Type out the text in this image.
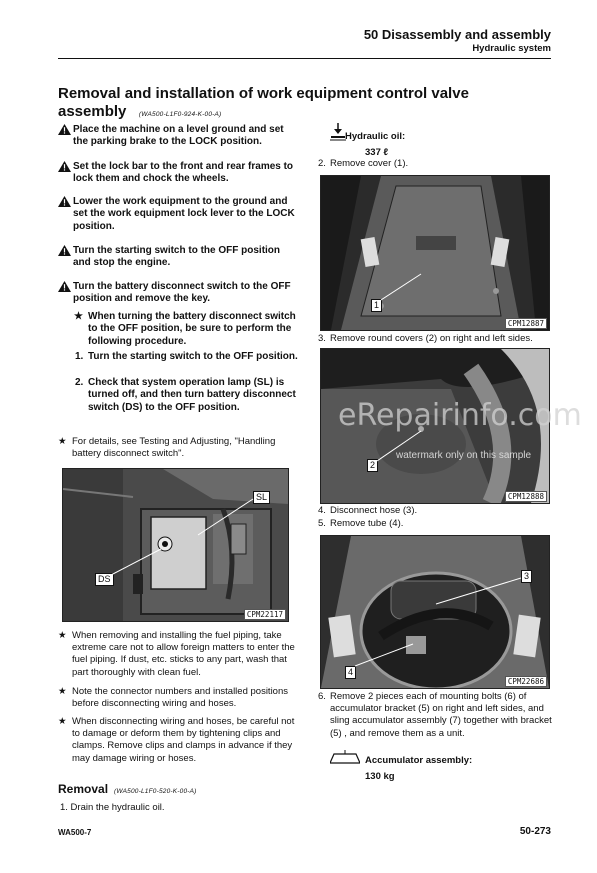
50 Disassembly and assembly
Hydraulic system
Removal and installation of work equipment control valve
assembly (WA500-L1F0-924-K-00-A)
Place the machine on a level ground and set the parking brake to the LOCK position.
Set the lock bar to the front and rear frames to lock them and chock the wheels.
Lower the work equipment to the ground and set the work equipment lock lever to the LOCK position.
Turn the starting switch to the OFF position and stop the engine.
Turn the battery disconnect switch to the OFF position and remove the key.
★ When turning the battery disconnect switch to the OFF position, be sure to perform the following procedure.
1. Turn the starting switch to the OFF position.
2. Check that system operation lamp (SL) is turned off, and then turn battery disconnect switch (DS) to the OFF position.
★ For details, see Testing and Adjusting, "Handling battery disconnect switch".
SL
DS
CPM22117
★ When removing and installing the fuel piping, take extreme care not to allow foreign matters to enter the fuel piping. If dust, etc. sticks to any part, wash that part thoroughly with clean fuel.
★ Note the connector numbers and installed positions before disconnecting wiring and hoses.
★ When disconnecting wiring and hoses, be careful not to damage or deform them by tightening clips and clamps. Remove clips and clamps in advance if they may damage wiring or hoses.
Removal (WA500-L1F0-520-K-00-A)
1. Drain the hydraulic oil.
Hydraulic oil:
337 ℓ
2. Remove cover (1).
1
CPM12887
3. Remove round covers (2) on right and left sides.
2
CPM12888
eRepairinfo.com
watermark only on this sample
4. Disconnect hose (3).
5. Remove tube (4).
3
4
CPM22686
6. Remove 2 pieces each of mounting bolts (6) of accumulator bracket (5) on right and left sides, and sling accumulator assembly (7) together with bracket (5) , and remove them as a unit.
Accumulator assembly:
130 kg
WA500-7	50-273
